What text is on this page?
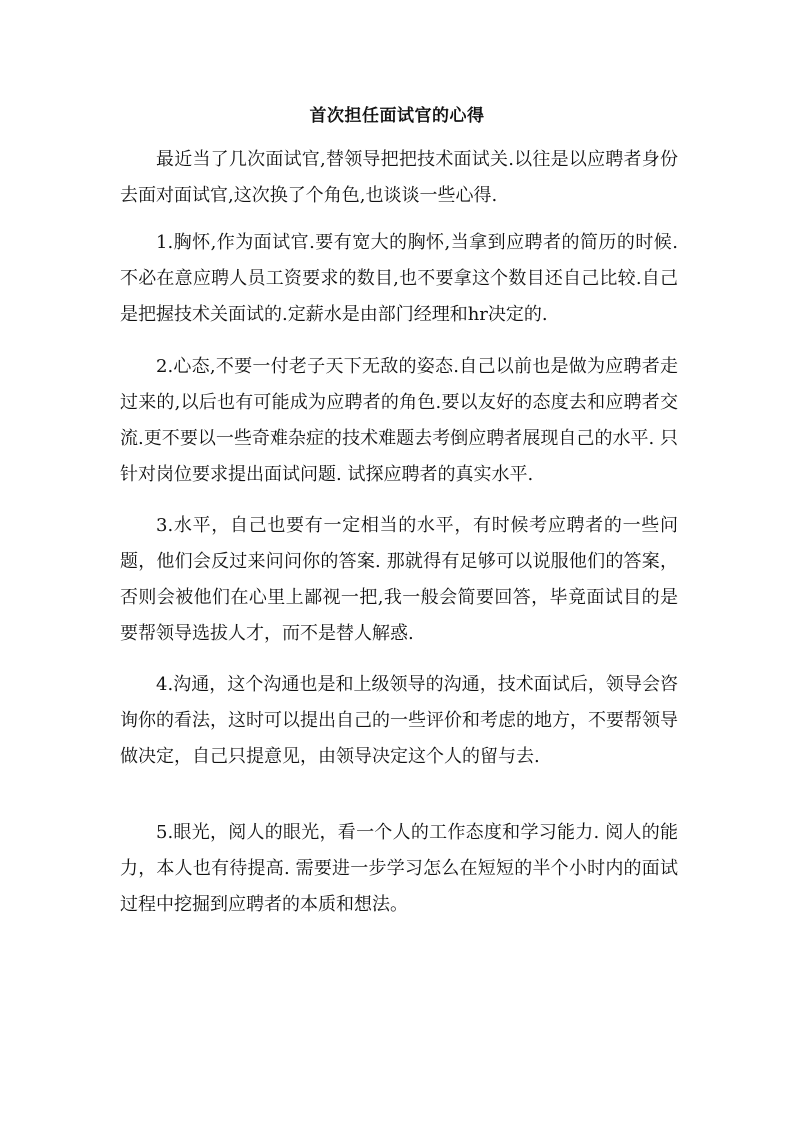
首次担任面试官的心得

最近当了几次面试官,替领导把把技术面试关.以往是以应聘者身份去面对面试官,这次换了个角色,也谈谈一些心得.

1.胸怀,作为面试官.要有宽大的胸怀,当拿到应聘者的简历的时候.不必在意应聘人员工资要求的数目,也不要拿这个数目还自己比较.自己是把握技术关面试的.定薪水是由部门经理和hr决定的.

2.心态,不要一付老子天下无敌的姿态.自己以前也是做为应聘者走过来的,以后也有可能成为应聘者的角色.要以友好的态度去和应聘者交流.更不要以一些奇难杂症的技术难题去考倒应聘者展现自己的水平. 只针对岗位要求提出面试问题. 试探应聘者的真实水平.

3.水平，自己也要有一定相当的水平，有时候考应聘者的一些问题，他们会反过来问问你的答案. 那就得有足够可以说服他们的答案，否则会被他们在心里上鄙视一把,我一般会简要回答，毕竟面试目的是要帮领导选拔人才，而不是替人解惑.

4.沟通，这个沟通也是和上级领导的沟通，技术面试后，领导会咨询你的看法，这时可以提出自己的一些评价和考虑的地方，不要帮领导做决定，自己只提意见，由领导决定这个人的留与去.

5.眼光，阅人的眼光，看一个人的工作态度和学习能力. 阅人的能力，本人也有待提高. 需要进一步学习怎么在短短的半个小时内的面试过程中挖掘到应聘者的本质和想法。
